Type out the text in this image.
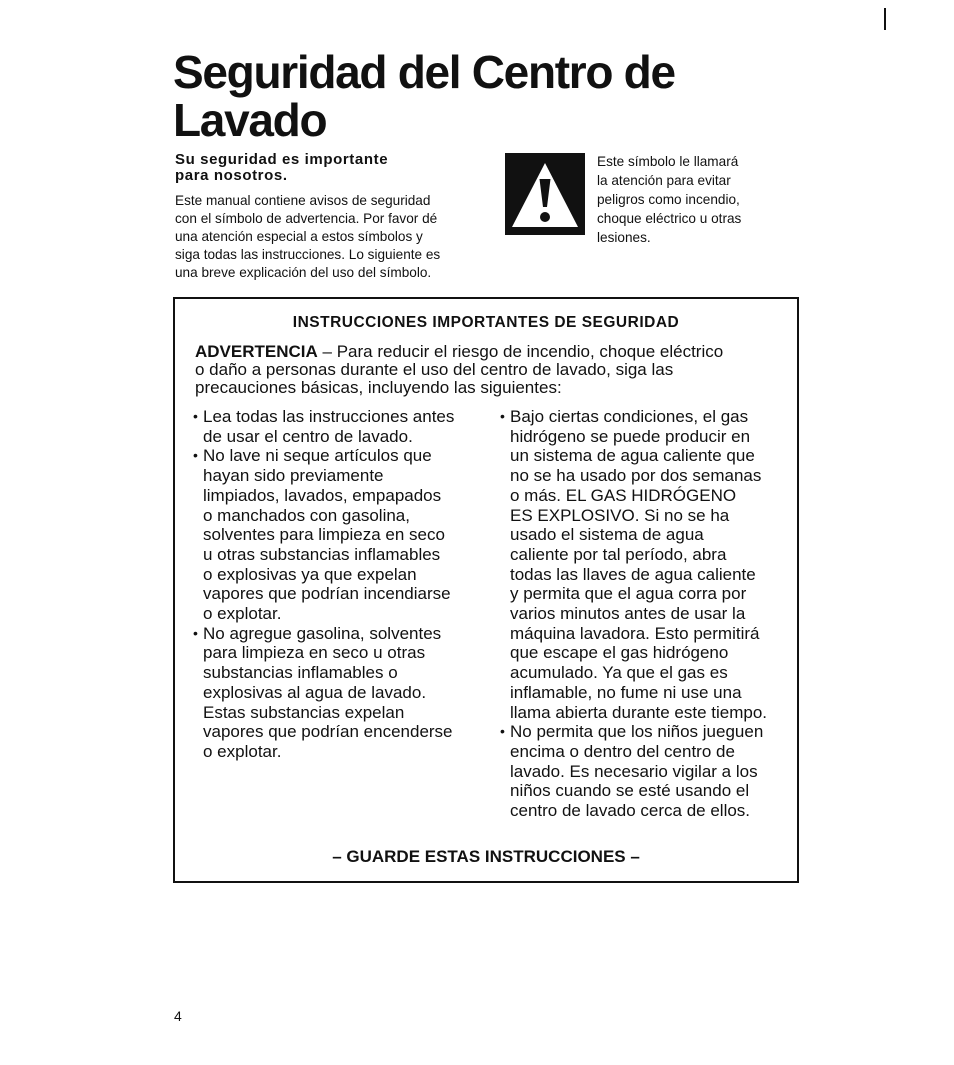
Seguridad del Centro de
Lavado
Su seguridad es importante
para nosotros.

Este manual contiene avisos de seguridad
con el símbolo de advertencia. Por favor dé
una atención especial a estos símbolos y
siga todas las instrucciones. Lo siguiente es
una breve explicación del uso del símbolo.

Este símbolo le llamará
la atención para evitar
peligros como incendio,
choque eléctrico u otras
lesiones.

INSTRUCCIONES IMPORTANTES DE SEGURIDAD

ADVERTENCIA – Para reducir el riesgo de incendio, choque eléctrico
o daño a personas durante el uso del centro de lavado, siga las
precauciones básicas, incluyendo las siguientes:

• Lea todas las instrucciones antes
de usar el centro de lavado.
• No lave ni seque artículos que
hayan sido previamente
limpiados, lavados, empapados
o manchados con gasolina,
solventes para limpieza en seco
u otras substancias inflamables
o explosivas ya que expelan
vapores que podrían incendiarse
o explotar.
• No agregue gasolina, solventes
para limpieza en seco u otras
substancias inflamables o
explosivas al agua de lavado.
Estas substancias expelan
vapores que podrían encenderse
o explotar.
• Bajo ciertas condiciones, el gas
hidrógeno se puede producir en
un sistema de agua caliente que
no se ha usado por dos semanas
o más. EL GAS HIDRÓGENO
ES EXPLOSIVO. Si no se ha
usado el sistema de agua
caliente por tal período, abra
todas las llaves de agua caliente
y permita que el agua corra por
varios minutos antes de usar la
máquina lavadora. Esto permitirá
que escape el gas hidrógeno
acumulado. Ya que el gas es
inflamable, no fume ni use una
llama abierta durante este tiempo.
• No permita que los niños jueguen
encima o dentro del centro de
lavado. Es necesario vigilar a los
niños cuando se esté usando el
centro de lavado cerca de ellos.
– GUARDE ESTAS INSTRUCCIONES –
4
